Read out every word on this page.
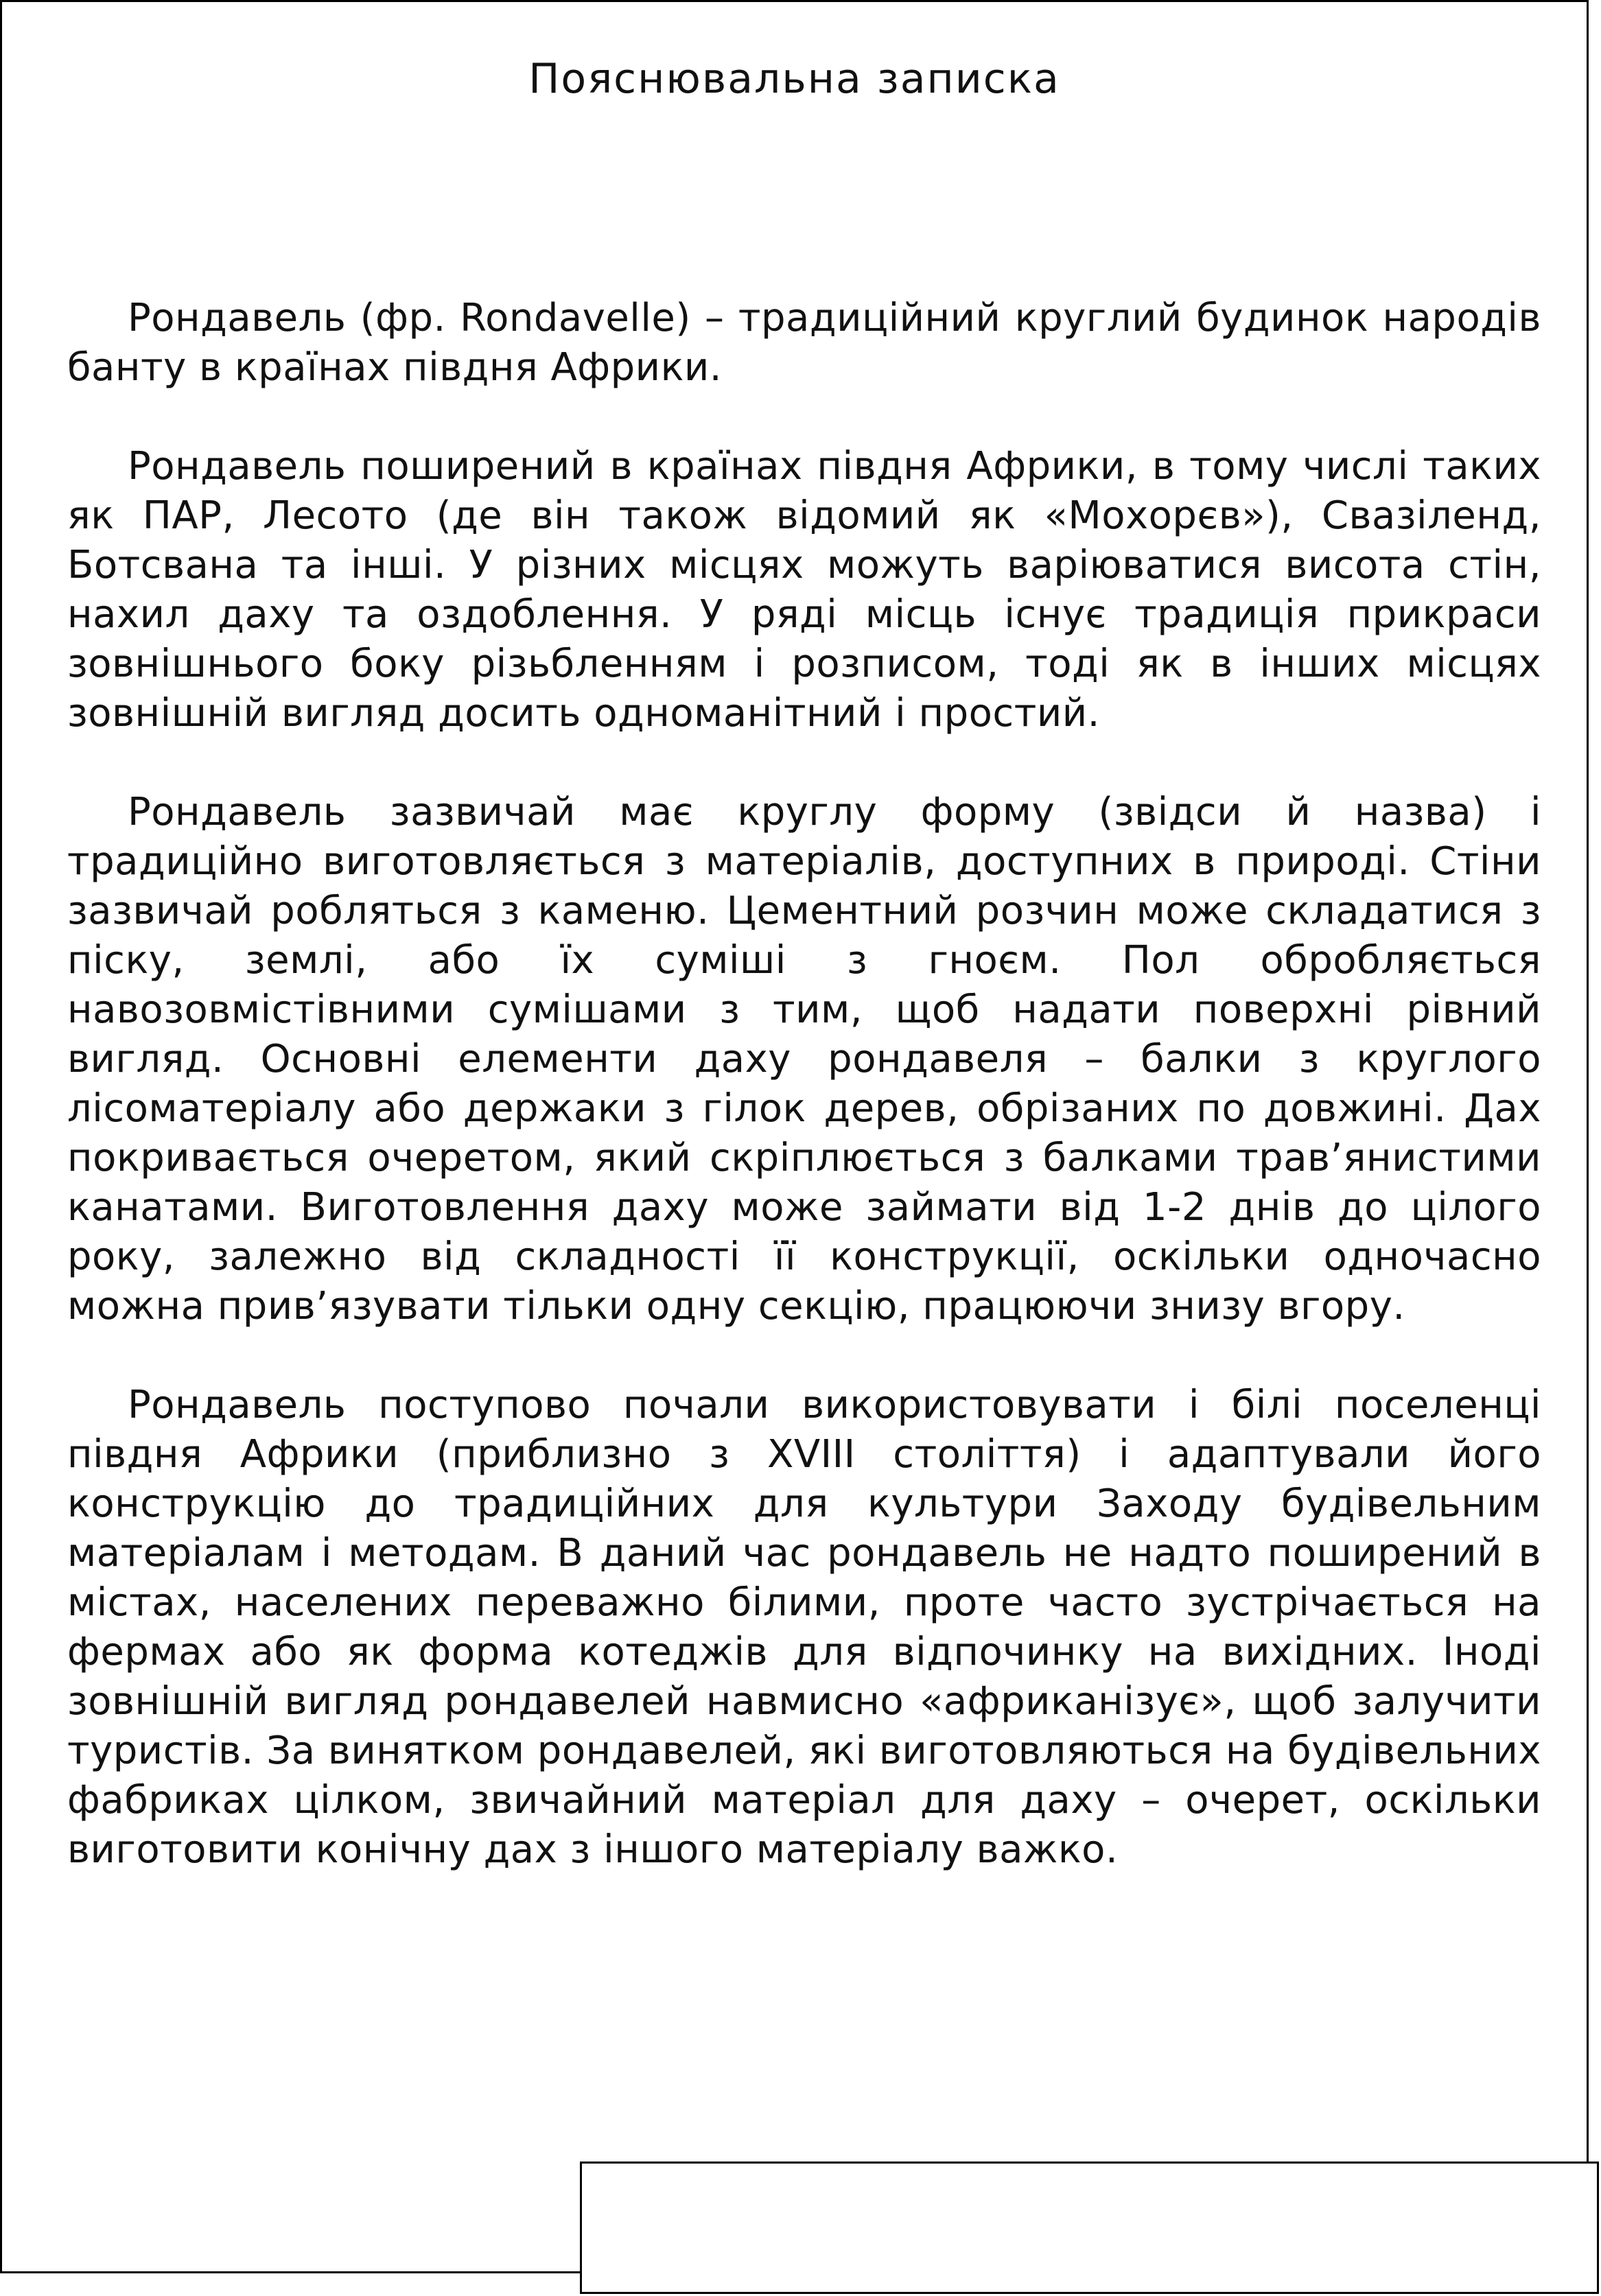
Пояснювальна записка

Рондавель (фр. Rondavelle) – традиційний круглий будинок народів банту в країнах півдня Африки.

Рондавель поширений в країнах півдня Африки, в тому числі таких як ПАР, Лесото (де він також відомий як «Мохорєв»), Свазіленд, Ботсвана та інші. У різних місцях можуть варіюватися висота стін, нахил даху та оздоблення. У ряді місць існує традиція прикраси зовнішнього боку різьбленням і розписом, тоді як в інших місцях зовнішній вигляд досить одноманітний і простий.

Рондавель зазвичай має круглу форму (звідси й назва) і традиційно виготовляється з матеріалів, доступних в природі. Стіни зазвичай робляться з каменю. Цементний розчин може складатися з піску, землі, або їх суміші з гноєм. Пол обробляється навозовмістівними сумішами з тим, щоб надати поверхні рівний вигляд. Основні елементи даху рондавеля – балки з круглого лісоматеріалу або держаки з гілок дерев, обрізаних по довжині. Дах покривається очеретом, який скріплюється з балками трав’янистими канатами. Виготовлення даху може займати від 1-2 днів до цілого року, залежно від складності її конструкції, оскільки одночасно можна прив’язувати тільки одну секцію, працюючи знизу вгору.

Рондавель поступово почали використовувати і білі поселенці півдня Африки (приблизно з XVIII століття) і адаптували його конструкцію до традиційних для культури Заходу будівельним матеріалам і методам. В даний час рондавель не надто поширений в містах, населених переважно білими, проте часто зустрічається на фермах або як форма котеджів для відпочинку на вихідних. Іноді зовнішній вигляд рондавелей навмисно «африканізує», щоб залучити туристів. За винятком рондавелей, які виготовляються на будівельних фабриках цілком, звичайний матеріал для даху – очерет, оскільки виготовити конічну дах з іншого матеріалу важко.
